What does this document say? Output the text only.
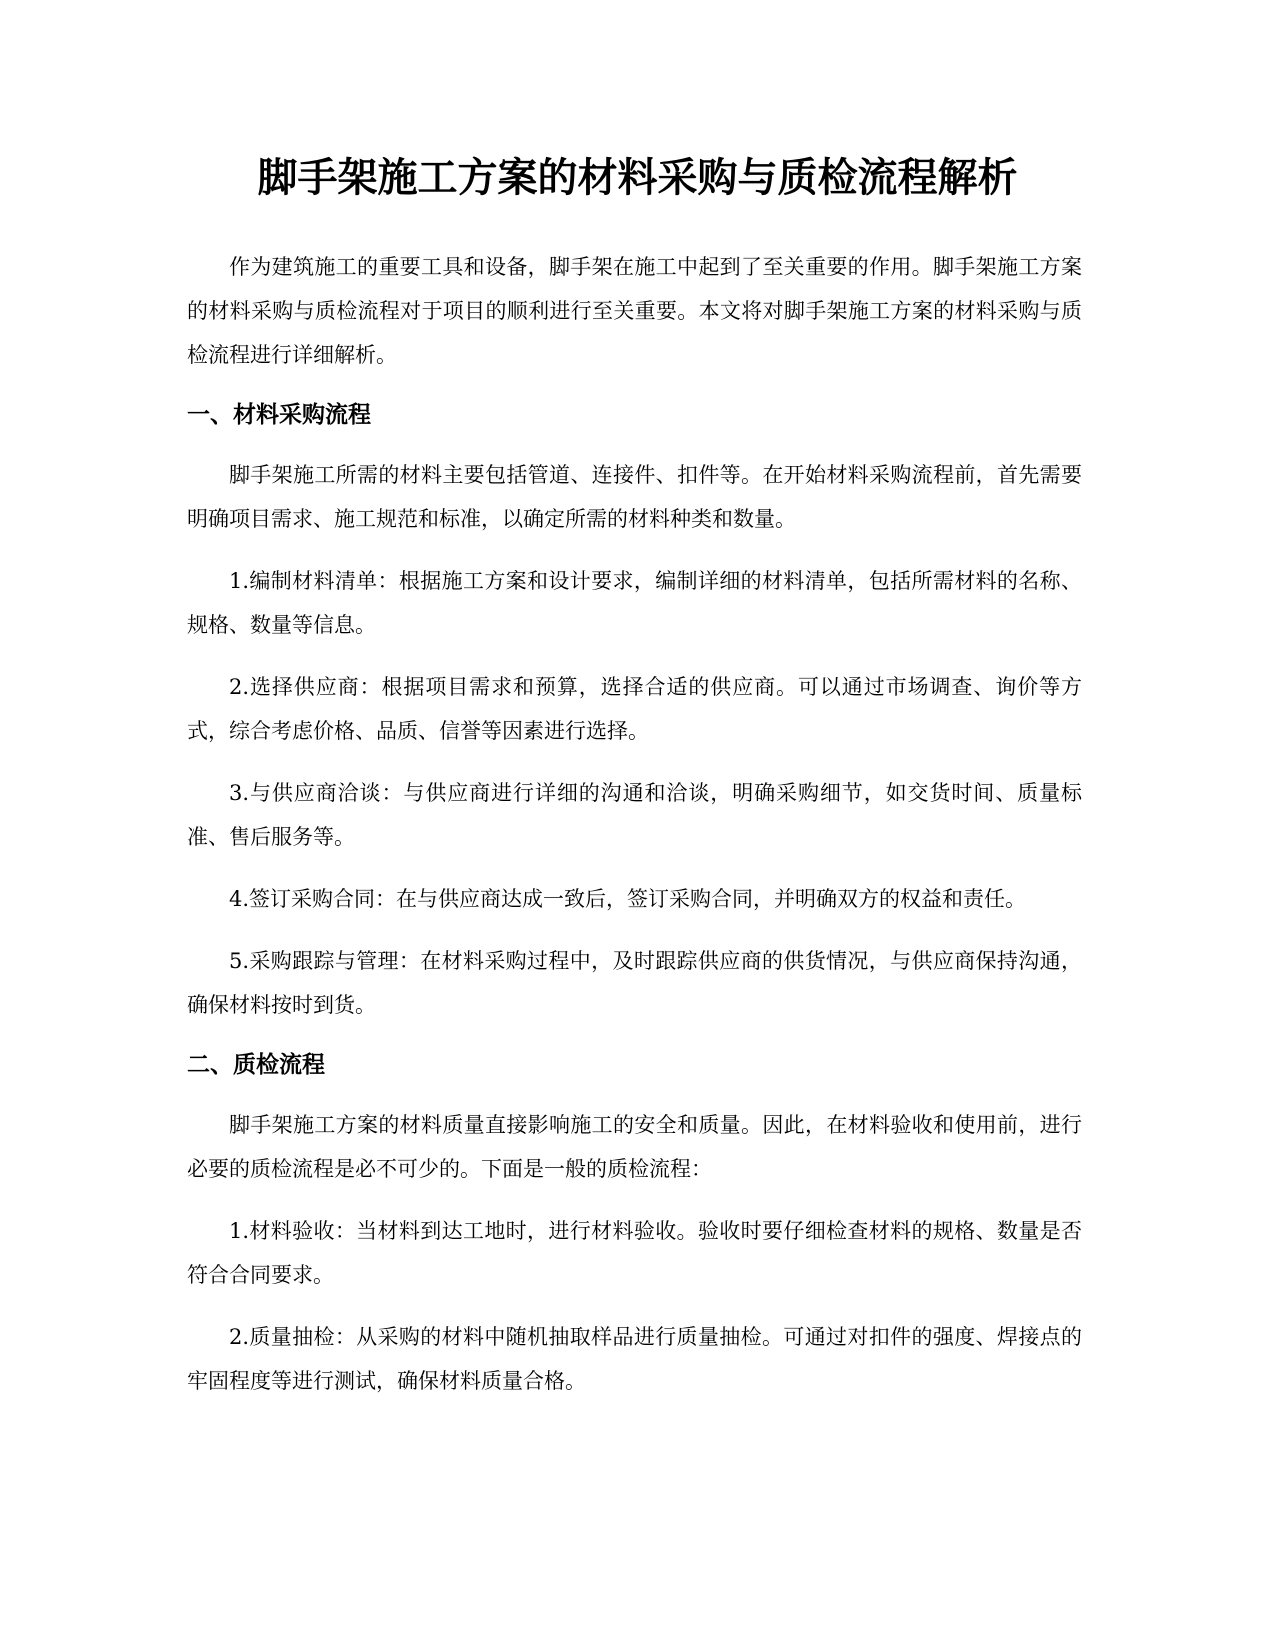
脚手架施工方案的材料采购与质检流程解析

作为建筑施工的重要工具和设备，脚手架在施工中起到了至关重要的作用。脚手架施工方案的材料采购与质检流程对于项目的顺利进行至关重要。本文将对脚手架施工方案的材料采购与质检流程进行详细解析。

一、材料采购流程

脚手架施工所需的材料主要包括管道、连接件、扣件等。在开始材料采购流程前，首先需要明确项目需求、施工规范和标准，以确定所需的材料种类和数量。

1.编制材料清单：根据施工方案和设计要求，编制详细的材料清单，包括所需材料的名称、规格、数量等信息。

2.选择供应商：根据项目需求和预算，选择合适的供应商。可以通过市场调查、询价等方式，综合考虑价格、品质、信誉等因素进行选择。

3.与供应商洽谈：与供应商进行详细的沟通和洽谈，明确采购细节，如交货时间、质量标准、售后服务等。

4.签订采购合同：在与供应商达成一致后，签订采购合同，并明确双方的权益和责任。

5.采购跟踪与管理：在材料采购过程中，及时跟踪供应商的供货情况，与供应商保持沟通，确保材料按时到货。

二、质检流程

脚手架施工方案的材料质量直接影响施工的安全和质量。因此，在材料验收和使用前，进行必要的质检流程是必不可少的。下面是一般的质检流程：

1.材料验收：当材料到达工地时，进行材料验收。验收时要仔细检查材料的规格、数量是否符合合同要求。

2.质量抽检：从采购的材料中随机抽取样品进行质量抽检。可通过对扣件的强度、焊接点的牢固程度等进行测试，确保材料质量合格。
